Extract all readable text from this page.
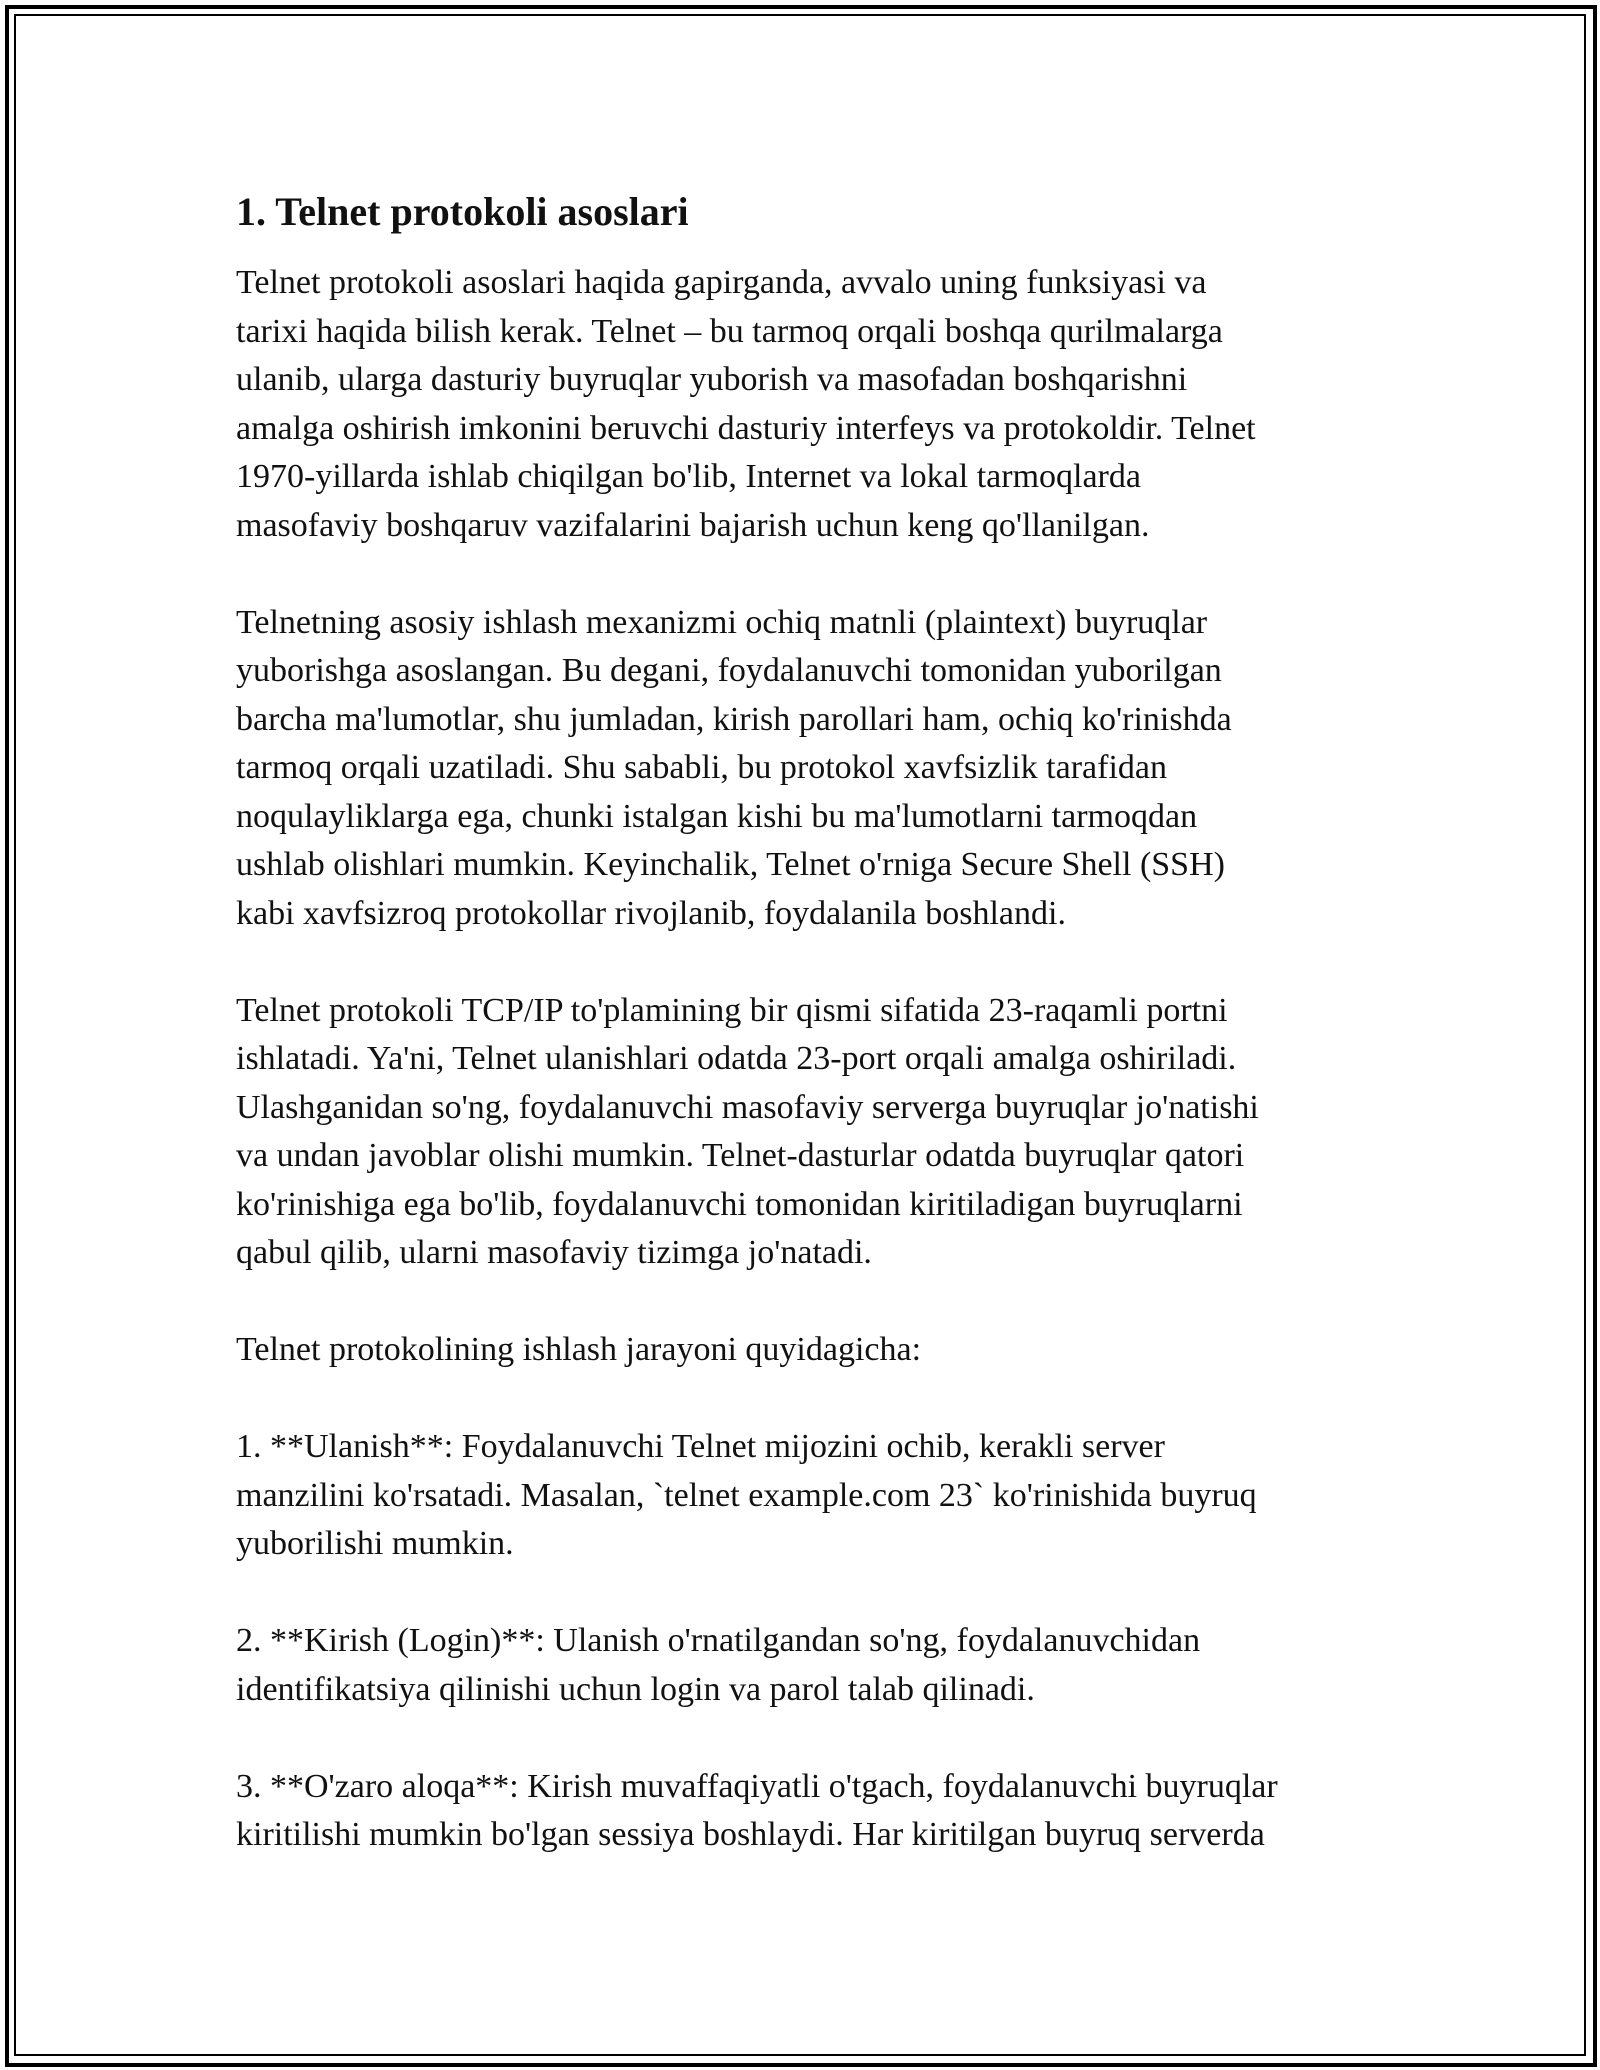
1. Telnet protokoli asoslari

Telnet protokoli asoslari haqida gapirganda, avvalo uning funksiyasi va
tarixi haqida bilish kerak. Telnet – bu tarmoq orqali boshqa qurilmalarga
ulanib, ularga dasturiy buyruqlar yuborish va masofadan boshqarishni
amalga oshirish imkonini beruvchi dasturiy interfeys va protokoldir. Telnet
1970-yillarda ishlab chiqilgan bo'lib, Internet va lokal tarmoqlarda
masofaviy boshqaruv vazifalarini bajarish uchun keng qo'llanilgan.

Telnetning asosiy ishlash mexanizmi ochiq matnli (plaintext) buyruqlar
yuborishga asoslangan. Bu degani, foydalanuvchi tomonidan yuborilgan
barcha ma'lumotlar, shu jumladan, kirish parollari ham, ochiq ko'rinishda
tarmoq orqali uzatiladi. Shu sababli, bu protokol xavfsizlik tarafidan
noqulayliklarga ega, chunki istalgan kishi bu ma'lumotlarni tarmoqdan
ushlab olishlari mumkin. Keyinchalik, Telnet o'rniga Secure Shell (SSH)
kabi xavfsizroq protokollar rivojlanib, foydalanila boshlandi.

Telnet protokoli TCP/IP to'plamining bir qismi sifatida 23-raqamli portni
ishlatadi. Ya'ni, Telnet ulanishlari odatda 23-port orqali amalga oshiriladi.
Ulashganidan so'ng, foydalanuvchi masofaviy serverga buyruqlar jo'natishi
va undan javoblar olishi mumkin. Telnet-dasturlar odatda buyruqlar qatori
ko'rinishiga ega bo'lib, foydalanuvchi tomonidan kiritiladigan buyruqlarni
qabul qilib, ularni masofaviy tizimga jo'natadi.

Telnet protokolining ishlash jarayoni quyidagicha:

1. **Ulanish**: Foydalanuvchi Telnet mijozini ochib, kerakli server
manzilini ko'rsatadi. Masalan, `telnet example.com 23` ko'rinishida buyruq
yuborilishi mumkin.

2. **Kirish (Login)**: Ulanish o'rnatilgandan so'ng, foydalanuvchidan
identifikatsiya qilinishi uchun login va parol talab qilinadi.

3. **O'zaro aloqa**: Kirish muvaffaqiyatli o'tgach, foydalanuvchi buyruqlar
kiritilishi mumkin bo'lgan sessiya boshlaydi. Har kiritilgan buyruq serverda
